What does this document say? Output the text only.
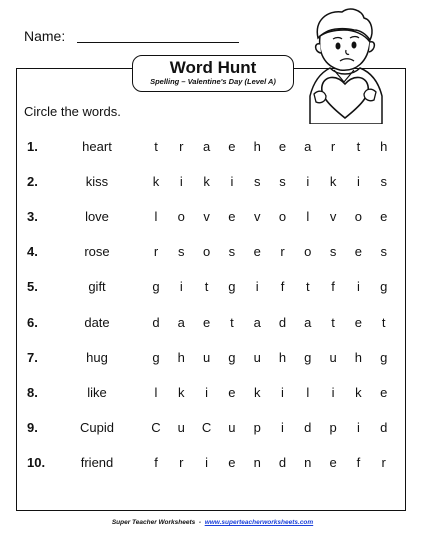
Name:
Word Hunt
Spelling – Valentine's Day (Level A)
Circle the words.
1.	heart	t	r a e h e a r	t	h
2.	kiss	k	i	k	i	s s	i	k	i	s
3.	love	l	o v e v o	l	v o e
4.	rose	r s o s e r o s e s
5.	gift	g	i	t	g	i	f	t	f	i	g
6.	date	d a e	t	a d a	t	e	t
7.	hug	g h u g u h g u h g
8.	like	l	k	i	e k	i	l	i	k e
9.	Cupid	C u C u p	i	d p	i	d
10.	friend	f	r	i	e n d n e	f	r
Super Teacher Worksheets - www.superteacherworksheets.com
